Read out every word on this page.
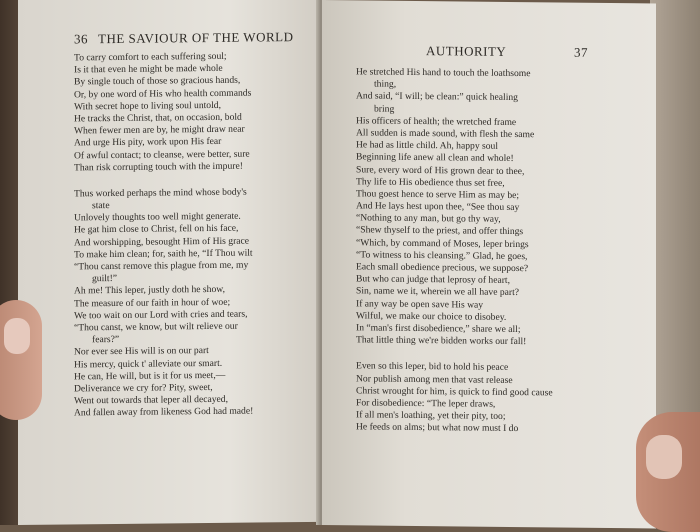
36 THE SAVIOUR OF THE WORLD
To carry comfort to each suffering soul;
Is it that even he might be made whole
By single touch of those so gracious hands,
Or, by one word of His who health commands
With secret hope to living soul untold,
He tracks the Christ, that, on occasion, bold
When fewer men are by, he might draw near
And urge His pity, work upon His fear
Of awful contact; to cleanse, were better, sure
Than risk corrupting touch with the impure!
Thus worked perhaps the mind whose body's
state
Unlovely thoughts too well might generate.
He gat him close to Christ, fell on his face,
And worshipping, besought Him of His grace
To make him clean; for, saith he, “If Thou wilt
“Thou canst remove this plague from me, my
guilt!”
Ah me! This leper, justly doth he show,
The measure of our faith in hour of woe;
We too wait on our Lord with cries and tears,
“Thou canst, we know, but wilt relieve our
fears?”
Nor ever see His will is on our part
His mercy, quick t' alleviate our smart.
He can, He will, but is it for us meet,—
Deliverance we cry for? Pity, sweet,
Went out towards that leper all decayed,
And fallen away from likeness God had made!
AUTHORITY	37
He stretched His hand to touch the loathsome
thing,
And said, “I will; be clean:” quick healing
bring
His officers of health; the wretched frame
All sudden is made sound, with flesh the same
He had as little child. Ah, happy soul
Beginning life anew all clean and whole!
Sure, every word of His grown dear to thee,
Thy life to His obedience thus set free,
Thou goest hence to serve Him as may be;
And He lays hest upon thee, “See thou say
“Nothing to any man, but go thy way,
“Shew thyself to the priest, and offer things
“Which, by command of Moses, leper brings
“To witness to his cleansing.” Glad, he goes,
Each small obedience precious, we suppose?
But who can judge that leprosy of heart,
Sin, name we it, wherein we all have part?
If any way be open save His way
Wilful, we make our choice to disobey.
In “man's first disobedience,” share we all;
That little thing we're bidden works our fall!
Even so this leper, bid to hold his peace
Nor publish among men that vast release
Christ wrought for him, is quick to find good cause
For disobedience: “The leper draws,
If all men's loathing, yet their pity, too;
He feeds on alms; but what now must I do
